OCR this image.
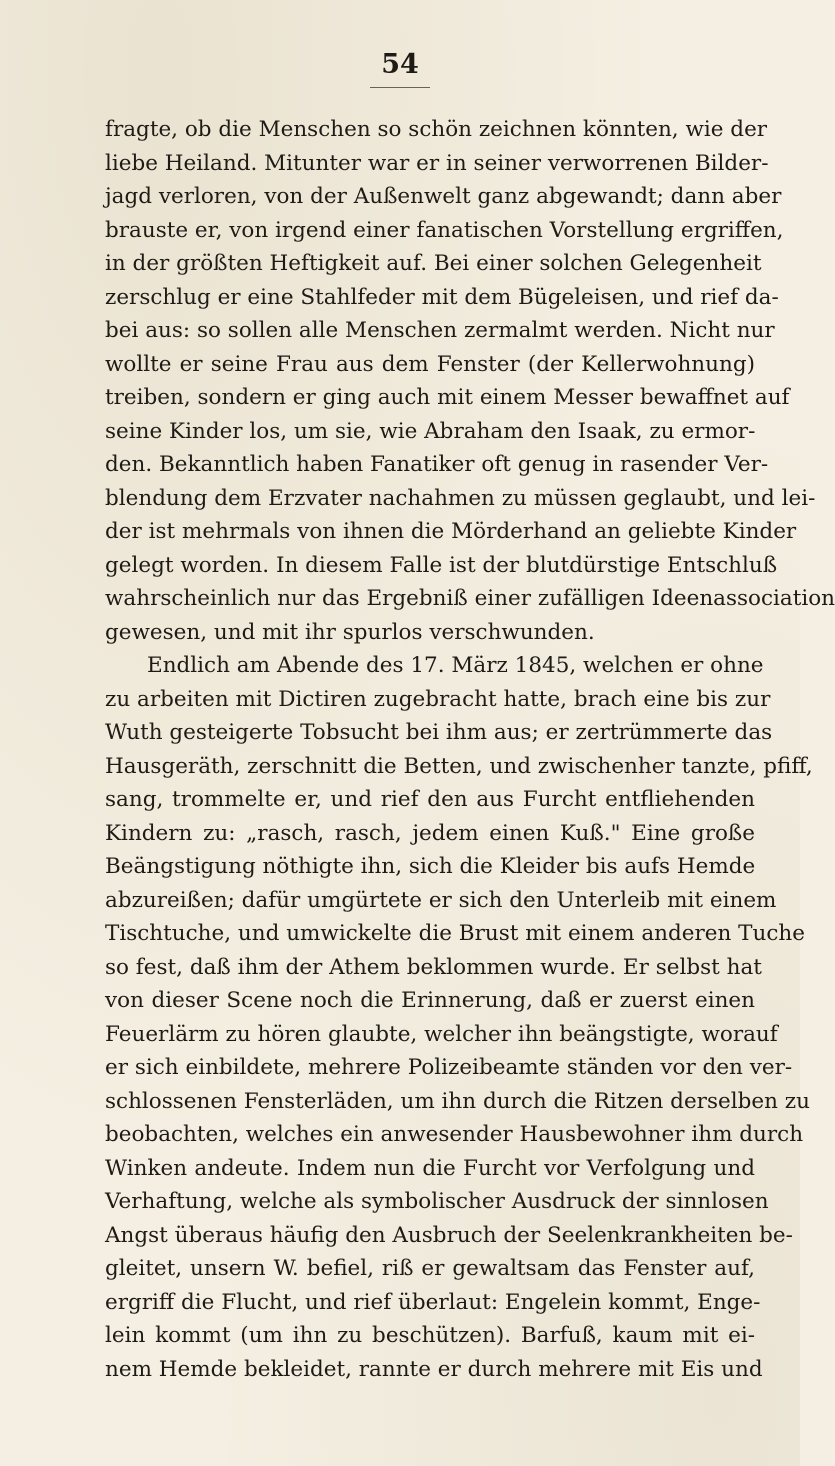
54
fragte, ob die Menschen so schön zeichnen könnten, wie der
liebe Heiland. Mitunter war er in seiner verworrenen Bilder-
jagd verloren, von der Außenwelt ganz abgewandt; dann aber
brauste er, von irgend einer fanatischen Vorstellung ergriffen,
in der größten Heftigkeit auf. Bei einer solchen Gelegenheit
zerschlug er eine Stahlfeder mit dem Bügeleisen, und rief da-
bei aus: so sollen alle Menschen zermalmt werden. Nicht nur
wollte er seine Frau aus dem Fenster (der Kellerwohnung)
treiben, sondern er ging auch mit einem Messer bewaffnet auf
seine Kinder los, um sie, wie Abraham den Isaak, zu ermor-
den. Bekanntlich haben Fanatiker oft genug in rasender Ver-
blendung dem Erzvater nachahmen zu müssen geglaubt, und lei-
der ist mehrmals von ihnen die Mörderhand an geliebte Kinder
gelegt worden. In diesem Falle ist der blutdürstige Entschluß
wahrscheinlich nur das Ergebniß einer zufälligen Ideenassociation
gewesen, und mit ihr spurlos verschwunden.
Endlich am Abende des 17. März 1845, welchen er ohne
zu arbeiten mit Dictiren zugebracht hatte, brach eine bis zur
Wuth gesteigerte Tobsucht bei ihm aus; er zertrümmerte das
Hausgeräth, zerschnitt die Betten, und zwischenher tanzte, pfiff,
sang, trommelte er, und rief den aus Furcht entfliehenden
Kindern zu: „rasch, rasch, jedem einen Kuß." Eine große
Beängstigung nöthigte ihn, sich die Kleider bis aufs Hemde
abzureißen; dafür umgürtete er sich den Unterleib mit einem
Tischtuche, und umwickelte die Brust mit einem anderen Tuche
so fest, daß ihm der Athem beklommen wurde. Er selbst hat
von dieser Scene noch die Erinnerung, daß er zuerst einen
Feuerlärm zu hören glaubte, welcher ihn beängstigte, worauf
er sich einbildete, mehrere Polizeibeamte ständen vor den ver-
schlossenen Fensterläden, um ihn durch die Ritzen derselben zu
beobachten, welches ein anwesender Hausbewohner ihm durch
Winken andeute. Indem nun die Furcht vor Verfolgung und
Verhaftung, welche als symbolischer Ausdruck der sinnlosen
Angst überaus häufig den Ausbruch der Seelenkrankheiten be-
gleitet, unsern W. befiel, riß er gewaltsam das Fenster auf,
ergriff die Flucht, und rief überlaut: Engelein kommt, Enge-
lein kommt (um ihn zu beschützen). Barfuß, kaum mit ei-
nem Hemde bekleidet, rannte er durch mehrere mit Eis und
